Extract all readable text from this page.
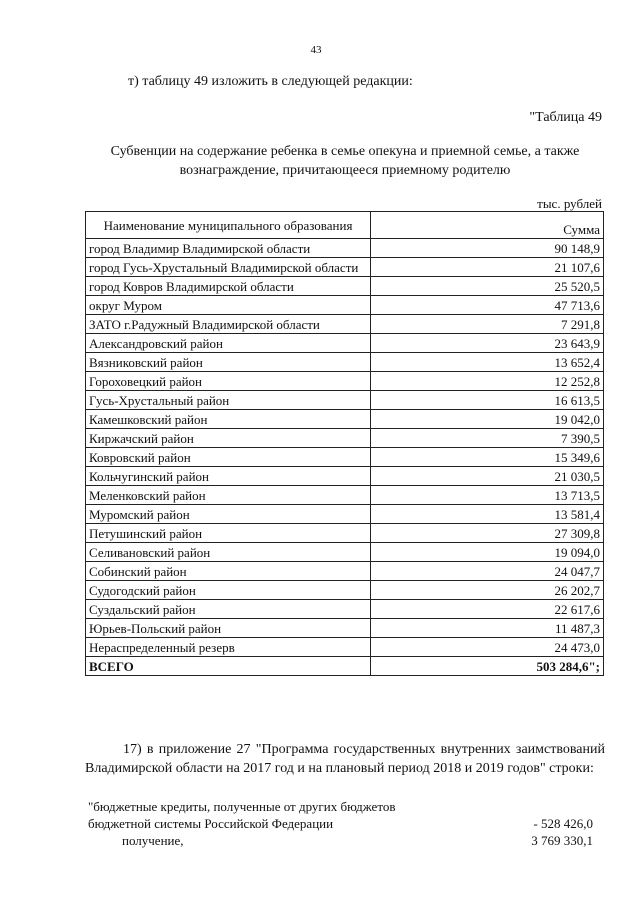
43
т) таблицу 49 изложить в следующей редакции:
"Таблица 49
Субвенции на содержание ребенка в семье опекуна и приемной семье, а также
вознаграждение, причитающееся приемному родителю
тыс. рублей
Наименование муниципального образования	Сумма
город Владимир Владимирской области	90 148,9
город Гусь-Хрустальный Владимирской области	21 107,6
город Ковров Владимирской области	25 520,5
округ Муром	47 713,6
ЗАТО г.Радужный Владимирской области	7 291,8
Александровский район	23 643,9
Вязниковский район	13 652,4
Гороховецкий район	12 252,8
Гусь-Хрустальный район	16 613,5
Камешковский район	19 042,0
Киржачский район	7 390,5
Ковровский район	15 349,6
Кольчугинский район	21 030,5
Меленковский район	13 713,5
Муромский район	13 581,4
Петушинский район	27 309,8
Селивановский район	19 094,0
Собинский район	24 047,7
Судогодский район	26 202,7
Суздальский район	22 617,6
Юрьев-Польский район	11 487,3
Нераспределенный резерв	24 473,0
ВСЕГО	503 284,6";
17) в приложение 27 "Программа государственных внутренних заимствований Владимирской области на 2017 год и на плановый период 2018 и 2019 годов" строки:
"бюджетные кредиты, полученные от других бюджетов
бюджетной системы Российской Федерации	- 528 426,0
получение,	3 769 330,1
